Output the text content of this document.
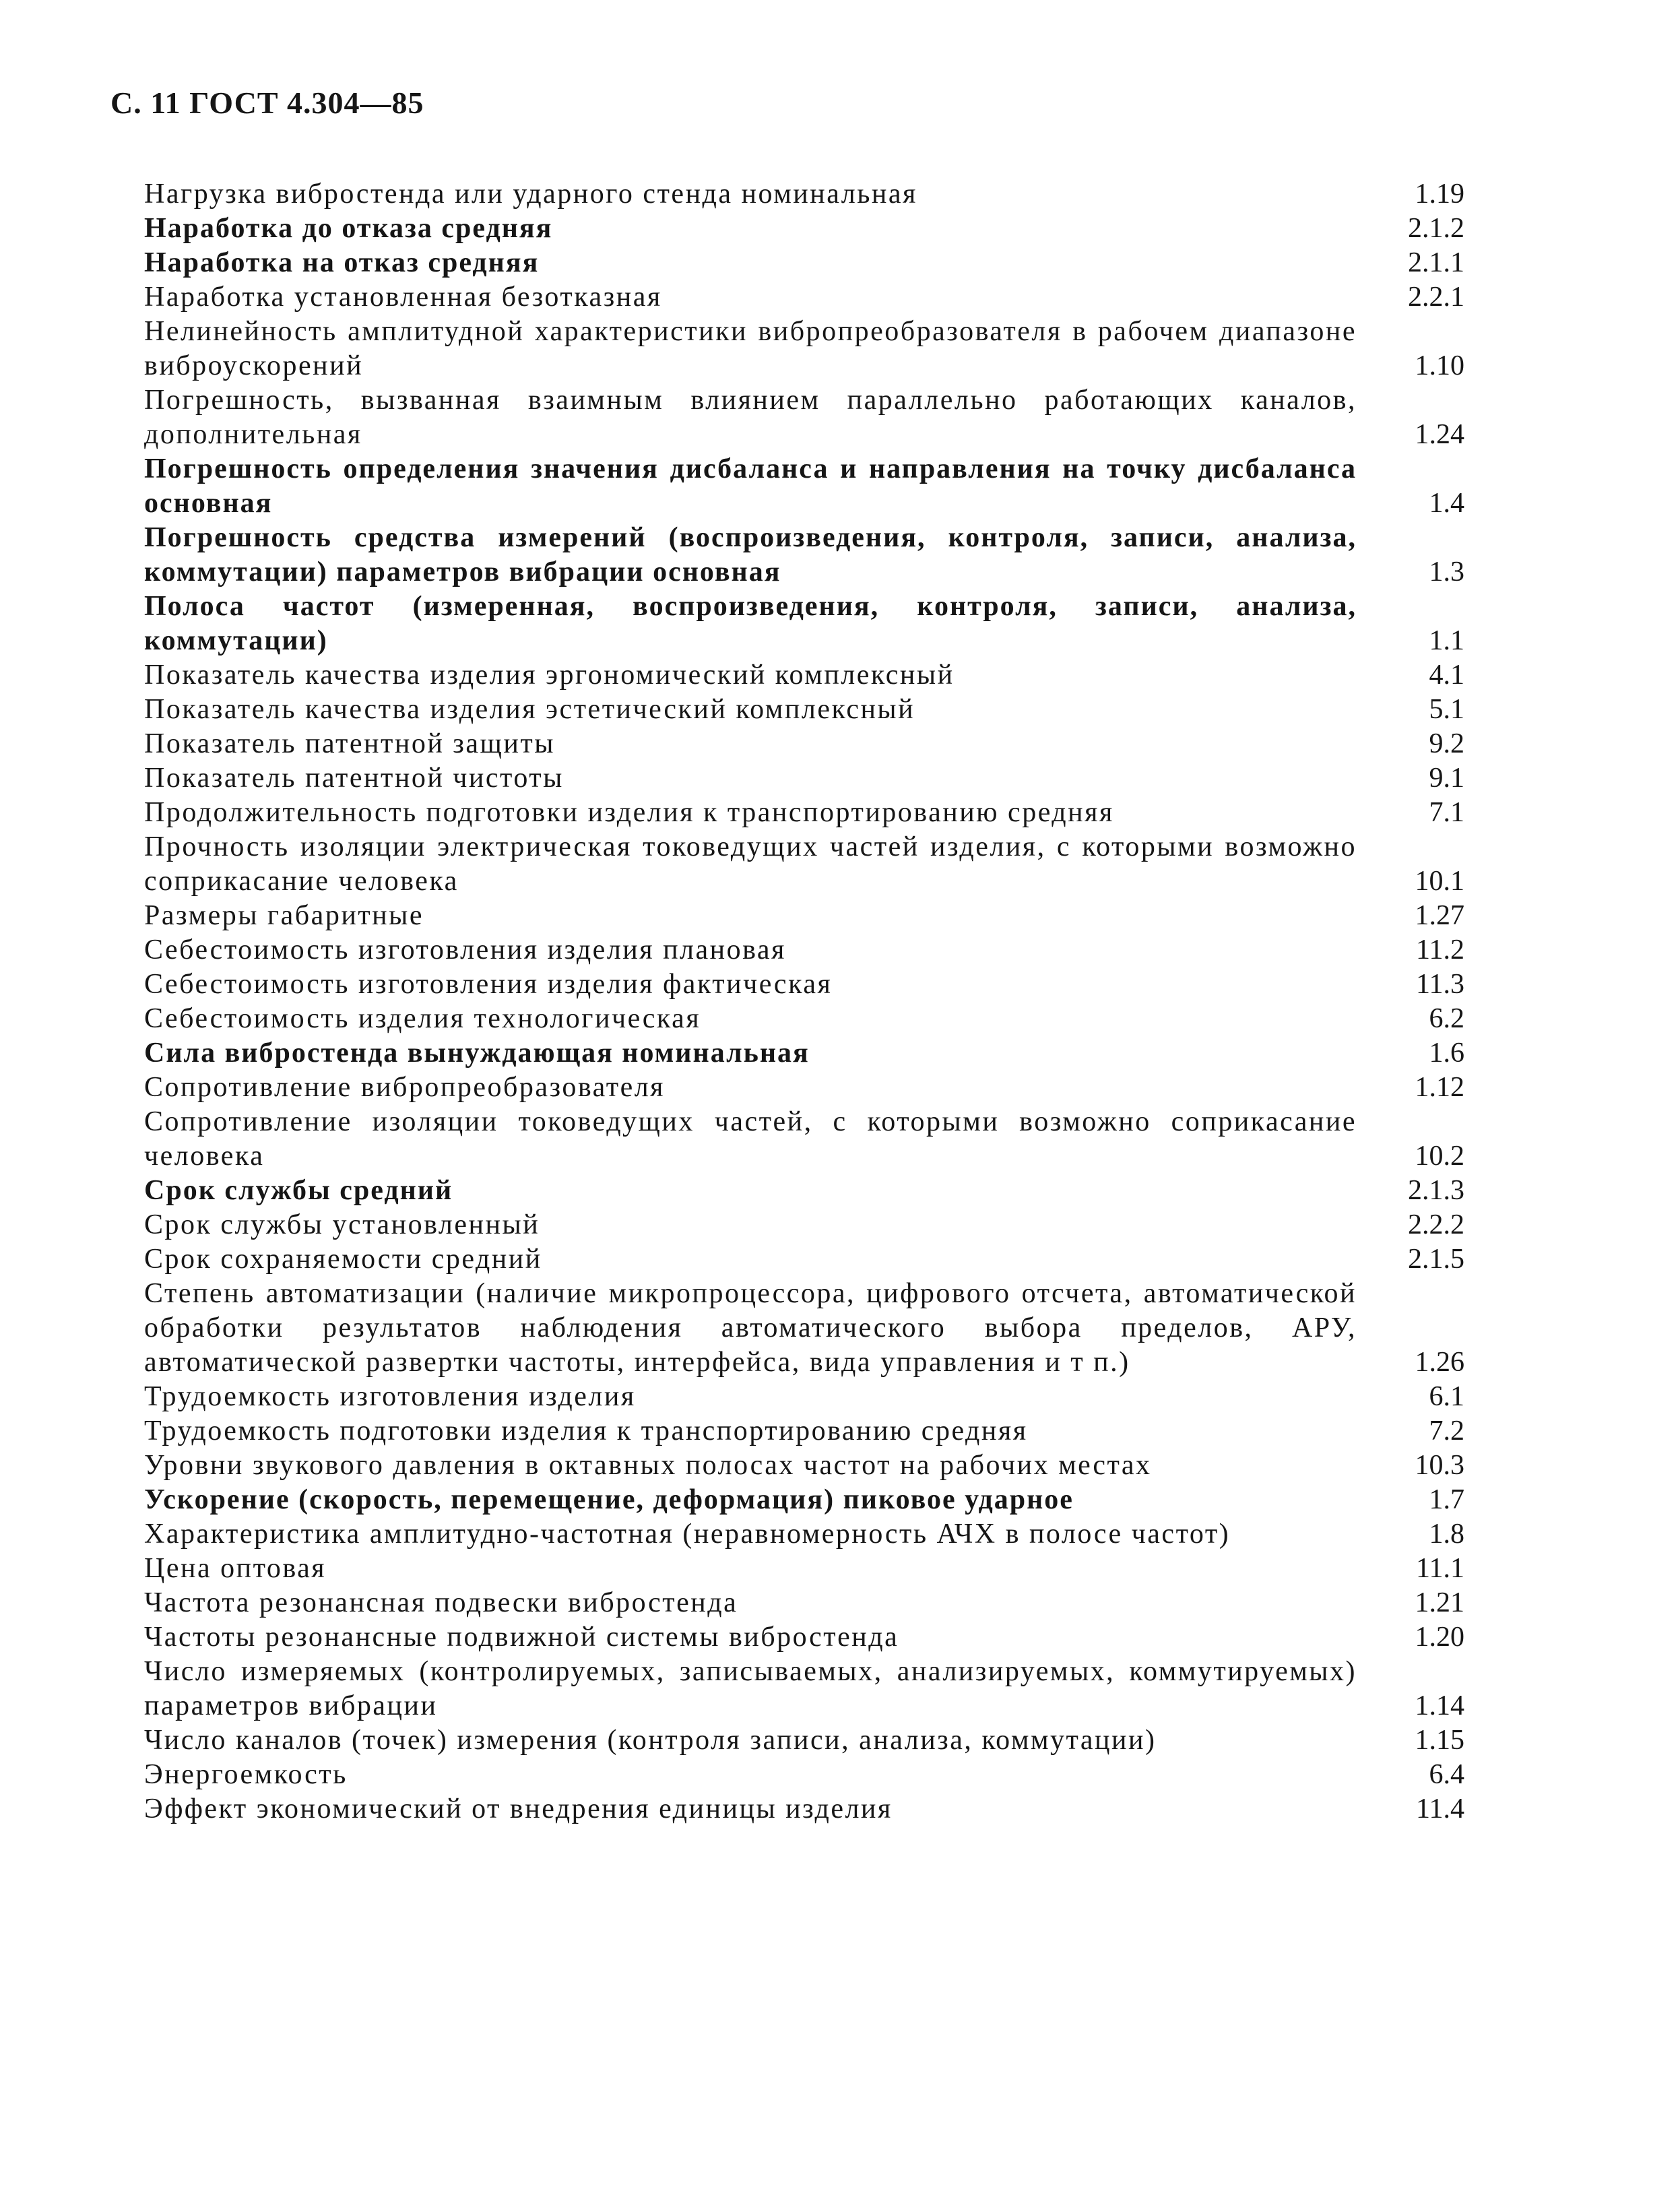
С. 11 ГОСТ 4.304—85
Нагрузка вибростенда или ударного стенда номинальная	1.19
Наработка до отказа средняя	2.1.2
Наработка на отказ средняя	2.1.1
Наработка установленная безотказная	2.2.1
Нелинейность амплитудной характеристики вибропреобразователя в рабочем диапазоне виброускорений	1.10
Погрешность, вызванная взаимным влиянием параллельно работающих каналов, дополнительная	1.24
Погрешность определения значения дисбаланса и направления на точку дисбаланса основная	1.4
Погрешность средства измерений (воспроизведения, контроля, записи, анализа, коммутации) параметров вибрации основная	1.3
Полоса частот (измеренная, воспроизведения, контроля, записи, анализа, коммутации)	1.1
Показатель качества изделия эргономический комплексный	4.1
Показатель качества изделия эстетический комплексный	5.1
Показатель патентной защиты	9.2
Показатель патентной чистоты	9.1
Продолжительность подготовки изделия к транспортированию средняя	7.1
Прочность изоляции электрическая токоведущих частей изделия, с которыми возможно соприкасание человека	10.1
Размеры габаритные	1.27
Себестоимость изготовления изделия плановая	11.2
Себестоимость изготовления изделия фактическая	11.3
Себестоимость изделия технологическая	6.2
Сила вибростенда вынуждающая номинальная	1.6
Сопротивление вибропреобразователя	1.12
Сопротивление изоляции токоведущих частей, с которыми возможно соприкасание человека	10.2
Срок службы средний	2.1.3
Срок службы установленный	2.2.2
Срок сохраняемости средний	2.1.5
Степень автоматизации (наличие микропроцессора, цифрового отсчета, автоматической обработки результатов наблюдения автоматического выбора пределов, АРУ, автоматической развертки частоты, интерфейса, вида управления и т п.)	1.26
Трудоемкость изготовления изделия	6.1
Трудоемкость подготовки изделия к транспортированию средняя	7.2
Уровни звукового давления в октавных полосах частот на рабочих местах	10.3
Ускорение (скорость, перемещение, деформация) пиковое ударное	1.7
Характеристика амплитудно-частотная (неравномерность АЧХ в полосе частот)	1.8
Цена оптовая	11.1
Частота резонансная подвески вибростенда	1.21
Частоты резонансные подвижной системы вибростенда	1.20
Число измеряемых (контролируемых, записываемых, анализируемых, коммутируемых) параметров вибрации	1.14
Число каналов (точек) измерения (контроля записи, анализа, коммутации)	1.15
Энергоемкость	6.4
Эффект экономический от внедрения единицы изделия	11.4
